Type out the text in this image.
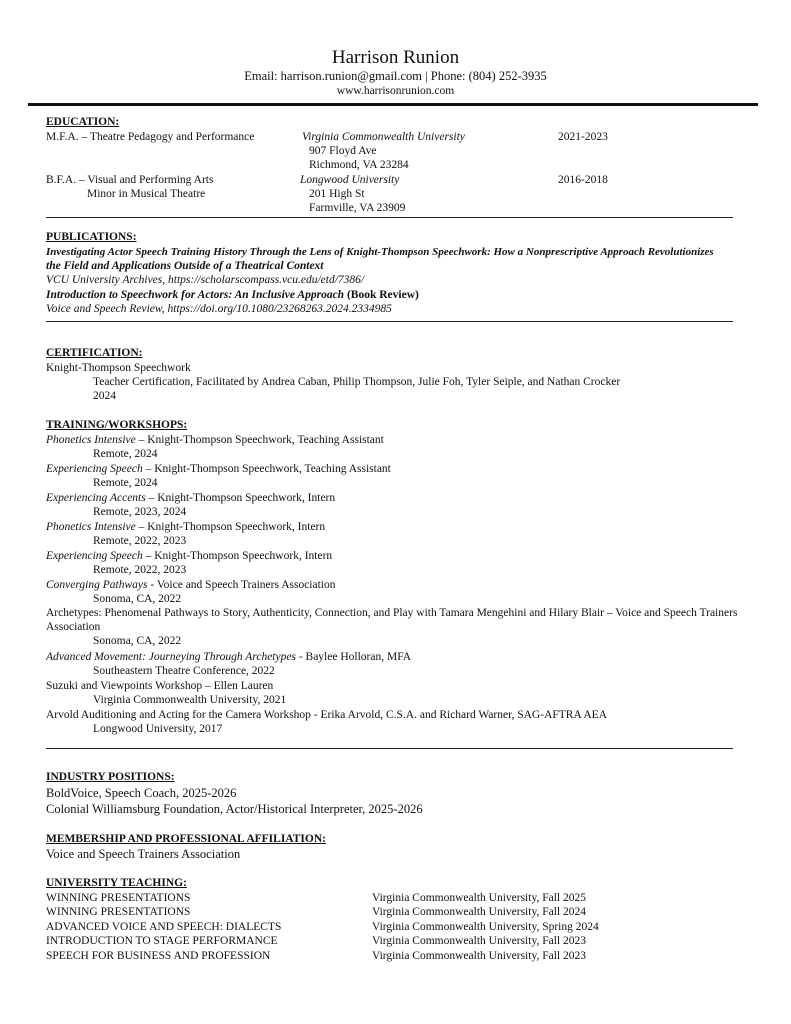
Harrison Runion
Email: harrison.runion@gmail.com | Phone: (804) 252-3935
www.harrisonrunion.com
EDUCATION:
M.F.A. – Theatre Pedagogy and Performance	Virginia Commonwealth University	2021-2023
907 Floyd Ave
Richmond, VA 23284
B.F.A. – Visual and Performing Arts	Longwood University	2016-2018
Minor in Musical Theatre	201 High St
Farmville, VA 23909
PUBLICATIONS:
Investigating Actor Speech Training History Through the Lens of Knight-Thompson Speechwork: How a Nonprescriptive Approach Revolutionizes
the Field and Applications Outside of a Theatrical Context
VCU University Archives, https://scholarscompass.vcu.edu/etd/7386/
Introduction to Speechwork for Actors: An Inclusive Approach (Book Review)
Voice and Speech Review, https://doi.org/10.1080/23268263.2024.2334985
CERTIFICATION:
Knight-Thompson Speechwork
Teacher Certification, Facilitated by Andrea Caban, Philip Thompson, Julie Foh, Tyler Seiple, and Nathan Crocker
2024
TRAINING/WORKSHOPS:
Phonetics Intensive – Knight-Thompson Speechwork, Teaching Assistant
Remote, 2024
Experiencing Speech – Knight-Thompson Speechwork, Teaching Assistant
Remote, 2024
Experiencing Accents – Knight-Thompson Speechwork, Intern
Remote, 2023, 2024
Phonetics Intensive – Knight-Thompson Speechwork, Intern
Remote, 2022, 2023
Experiencing Speech – Knight-Thompson Speechwork, Intern
Remote, 2022, 2023
Converging Pathways - Voice and Speech Trainers Association
Sonoma, CA, 2022
Archetypes: Phenomenal Pathways to Story, Authenticity, Connection, and Play with Tamara Mengehini and Hilary Blair – Voice and Speech Trainers
Association
Sonoma, CA, 2022
Advanced Movement: Journeying Through Archetypes - Baylee Holloran, MFA
Southeastern Theatre Conference, 2022
Suzuki and Viewpoints Workshop – Ellen Lauren
Virginia Commonwealth University, 2021
Arvold Auditioning and Acting for the Camera Workshop - Erika Arvold, C.S.A. and Richard Warner, SAG-AFTRA AEA
Longwood University, 2017
INDUSTRY POSITIONS:
BoldVoice, Speech Coach, 2025-2026
Colonial Williamsburg Foundation, Actor/Historical Interpreter, 2025-2026
MEMBERSHIP AND PROFESSIONAL AFFILIATION:
Voice and Speech Trainers Association
UNIVERSITY TEACHING:
WINNING PRESENTATIONS	Virginia Commonwealth University, Fall 2025
WINNING PRESENTATIONS	Virginia Commonwealth University, Fall 2024
ADVANCED VOICE AND SPEECH: DIALECTS	Virginia Commonwealth University, Spring 2024
INTRODUCTION TO STAGE PERFORMANCE	Virginia Commonwealth University, Fall 2023
SPEECH FOR BUSINESS AND PROFESSION	Virginia Commonwealth University, Fall 2023
